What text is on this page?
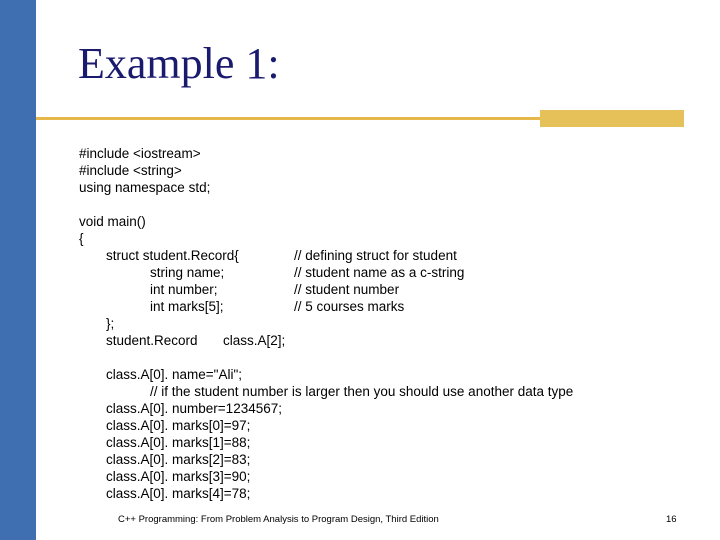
Example 1:
#include <iostream>
#include <string>
using namespace std;
void main()
{
struct student.Record{	// defining struct for student
string name;	// student name as a c-string
int number;	// student number
int marks[5];	// 5 courses marks
};
student.Record class.A[2];
class.A[0]. name="Ali";
// if the student number is larger then you should use another data type
class.A[0]. number=1234567;
class.A[0]. marks[0]=97;
class.A[0]. marks[1]=88;
class.A[0]. marks[2]=83;
class.A[0]. marks[3]=90;
class.A[0]. marks[4]=78;
C++ Programming: From Problem Analysis to Program Design, Third Edition	16
